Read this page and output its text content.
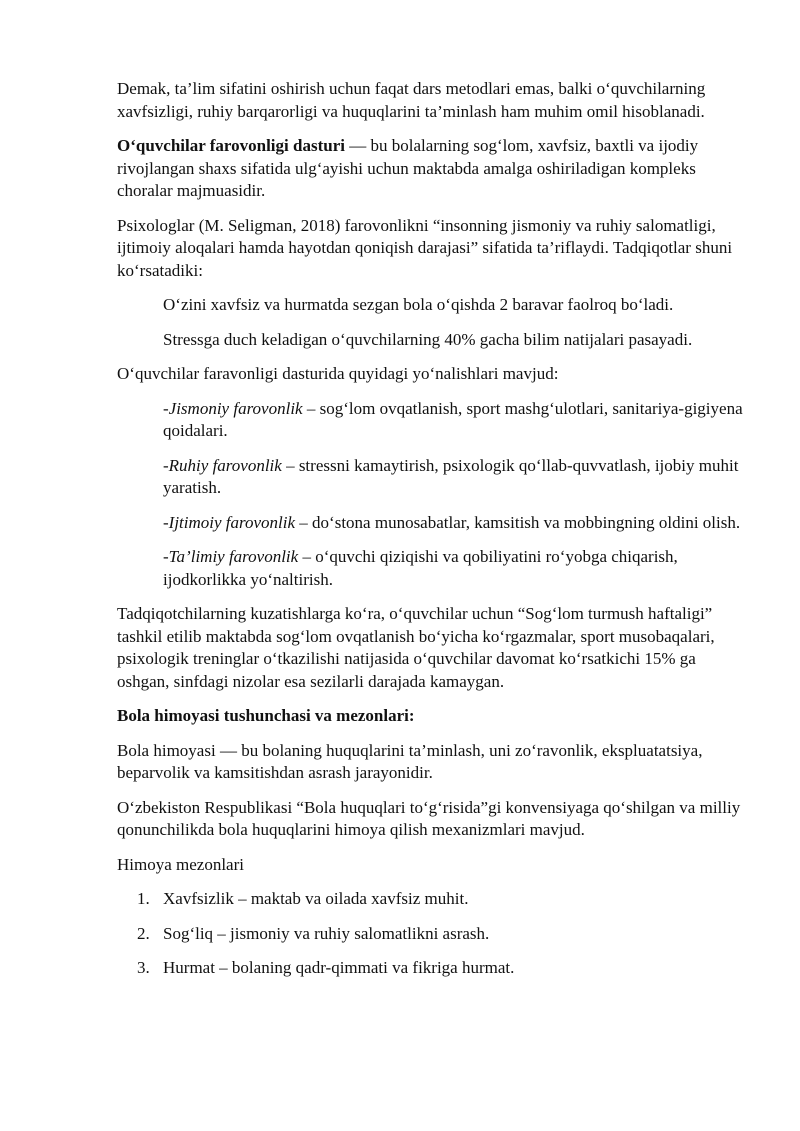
Demak, ta’lim sifatini oshirish uchun faqat dars metodlari emas, balki o‘quvchilarning xavfsizligi, ruhiy barqarorligi va huquqlarini ta’minlash ham muhim omil hisoblanadi.

O‘quvchilar farovonligi dasturi — bu bolalarning sog‘lom, xavfsiz, baxtli va ijodiy rivojlangan shaxs sifatida ulg‘ayishi uchun maktabda amalga oshiriladigan kompleks choralar majmuasidir.

Psixologlar (M. Seligman, 2018) farovonlikni “insonning jismoniy va ruhiy salomatligi, ijtimoiy aloqalari hamda hayotdan qoniqish darajasi” sifatida ta’riflaydi. Tadqiqotlar shuni ko‘rsatadiki:

O‘zini xavfsiz va hurmatda sezgan bola o‘qishda 2 baravar faolroq bo‘ladi.

Stressga duch keladigan o‘quvchilarning 40% gacha bilim natijalari pasayadi.

O‘quvchilar faravonligi dasturida quyidagi yo‘nalishlari mavjud:

-Jismoniy farovonlik – sog‘lom ovqatlanish, sport mashg‘ulotlari, sanitariya-gigiyena qoidalari.

-Ruhiy farovonlik – stressni kamaytirish, psixologik qo‘llab-quvvatlash, ijobiy muhit yaratish.

-Ijtimoiy farovonlik – do‘stona munosabatlar, kamsitish va mobbingning oldini olish.

-Ta’limiy farovonlik – o‘quvchi qiziqishi va qobiliyatini ro‘yobga chiqarish, ijodkorlikka yo‘naltirish.

Tadqiqotchilarning kuzatishlarga ko‘ra, o‘quvchilar uchun “Sog‘lom turmush haftaligi” tashkil etilib maktabda sog‘lom ovqatlanish bo‘yicha ko‘rgazmalar, sport musobaqalari, psixologik treninglar o‘tkazilishi natijasida o‘quvchilar davomat ko‘rsatkichi 15% ga oshgan, sinfdagi nizolar esa sezilarli darajada kamaygan.

Bola himoyasi tushunchasi va mezonlari:

Bola himoyasi — bu bolaning huquqlarini ta’minlash, uni zo‘ravonlik, ekspluatatsiya, beparvolik va kamsitishdan asrash jarayonidir.

O‘zbekiston Respublikasi “Bola huquqlari to‘g‘risida”gi konvensiyaga qo‘shilgan va milliy qonunchilikda bola huquqlarini himoya qilish mexanizmlari mavjud.

Himoya mezonlari

1. Xavfsizlik – maktab va oilada xavfsiz muhit.
2. Sog‘liq – jismoniy va ruhiy salomatlikni asrash.
3. Hurmat – bolaning qadr-qimmati va fikriga hurmat.
